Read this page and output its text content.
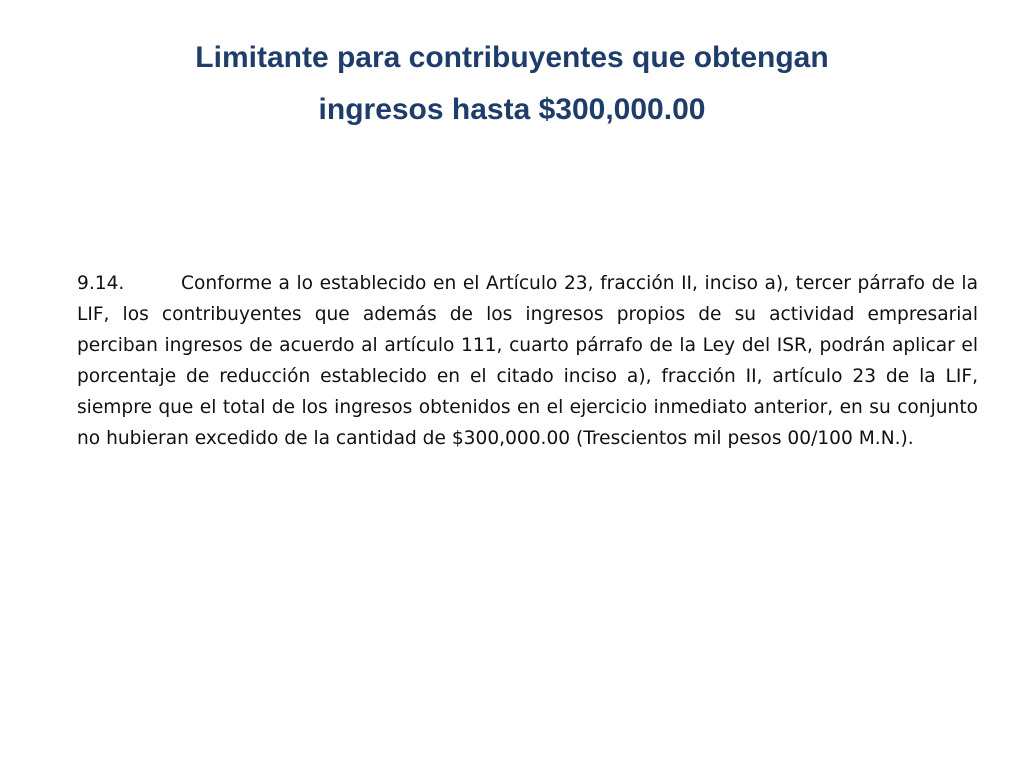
Limitante para contribuyentes que obtengan
ingresos hasta $300,000.00

9.14.	Conforme a lo establecido en el Artículo 23, fracción II, inciso a), tercer párrafo de la LIF, los contribuyentes que además de los ingresos propios de su actividad empresarial perciban ingresos de acuerdo al artículo 111, cuarto párrafo de la Ley del ISR, podrán aplicar el porcentaje de reducción establecido en el citado inciso a), fracción II, artículo 23 de la LIF, siempre que el total de los ingresos obtenidos en el ejercicio inmediato anterior, en su conjunto no hubieran excedido de la cantidad de $300,000.00 (Trescientos mil pesos 00/100 M.N.).
